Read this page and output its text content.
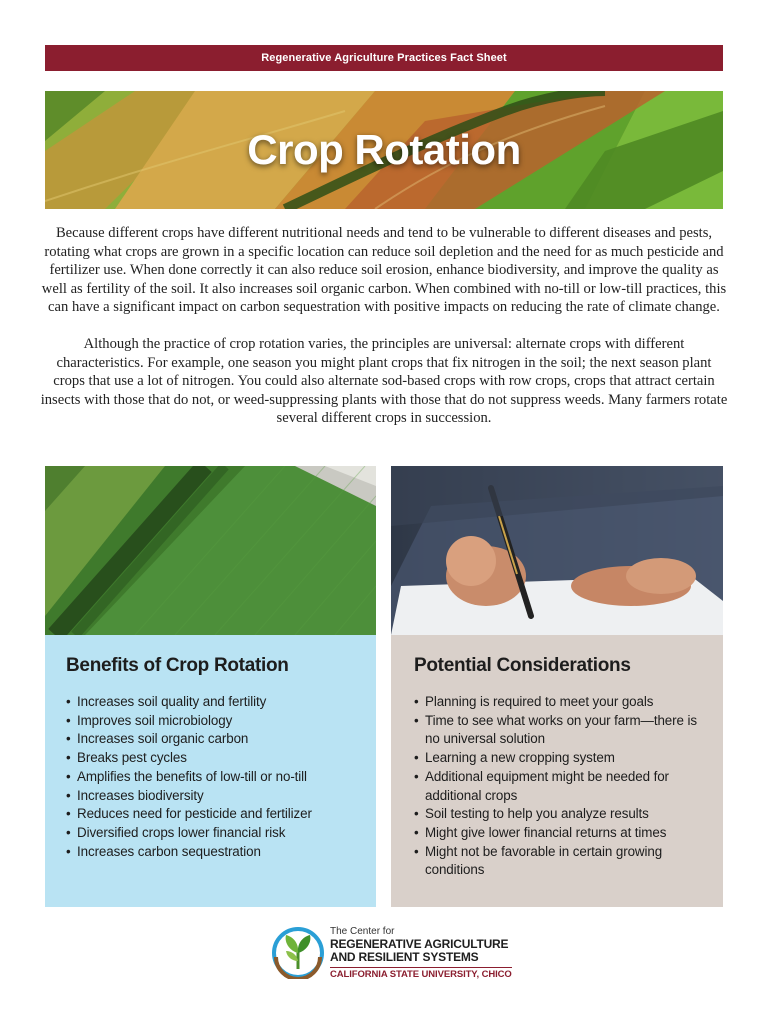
Regenerative Agriculture Practices Fact Sheet
Crop Rotation

Because different crops have different nutritional needs and tend to be vulnerable to different diseases and pests, rotating what crops are grown in a specific location can reduce soil depletion and the need for as much pesticide and fertilizer use. When done correctly it can also reduce soil erosion, enhance biodiversity, and improve the quality as well as fertility of the soil. It also increases soil organic carbon. When combined with no-till or low-till practices, this can have a significant impact on carbon sequestration with positive impacts on reducing the rate of climate change.

Although the practice of crop rotation varies, the principles are universal: alternate crops with different characteristics. For example, one season you might plant crops that fix nitrogen in the soil; the next season plant crops that use a lot of nitrogen. You could also alternate sod-based crops with row crops, crops that attract certain insects with those that do not, or weed-suppressing plants with those that do not suppress weeds. Many farmers rotate several different crops in succession.

Benefits of Crop Rotation
• Increases soil quality and fertility
• Improves soil microbiology
• Increases soil organic carbon
• Breaks pest cycles
• Amplifies the benefits of low-till or no-till
• Increases biodiversity
• Reduces need for pesticide and fertilizer
• Diversified crops lower financial risk
• Increases carbon sequestration
Potential Considerations
• Planning is required to meet your goals
• Time to see what works on your farm—there is no universal solution
• Learning a new cropping system
• Additional equipment might be needed for additional crops
• Soil testing to help you analyze results
• Might give lower financial returns at times
• Might not be favorable in certain growing conditions
The Center for
REGENERATIVE AGRICULTURE
AND RESILIENT SYSTEMS
CALIFORNIA STATE UNIVERSITY, CHICO
